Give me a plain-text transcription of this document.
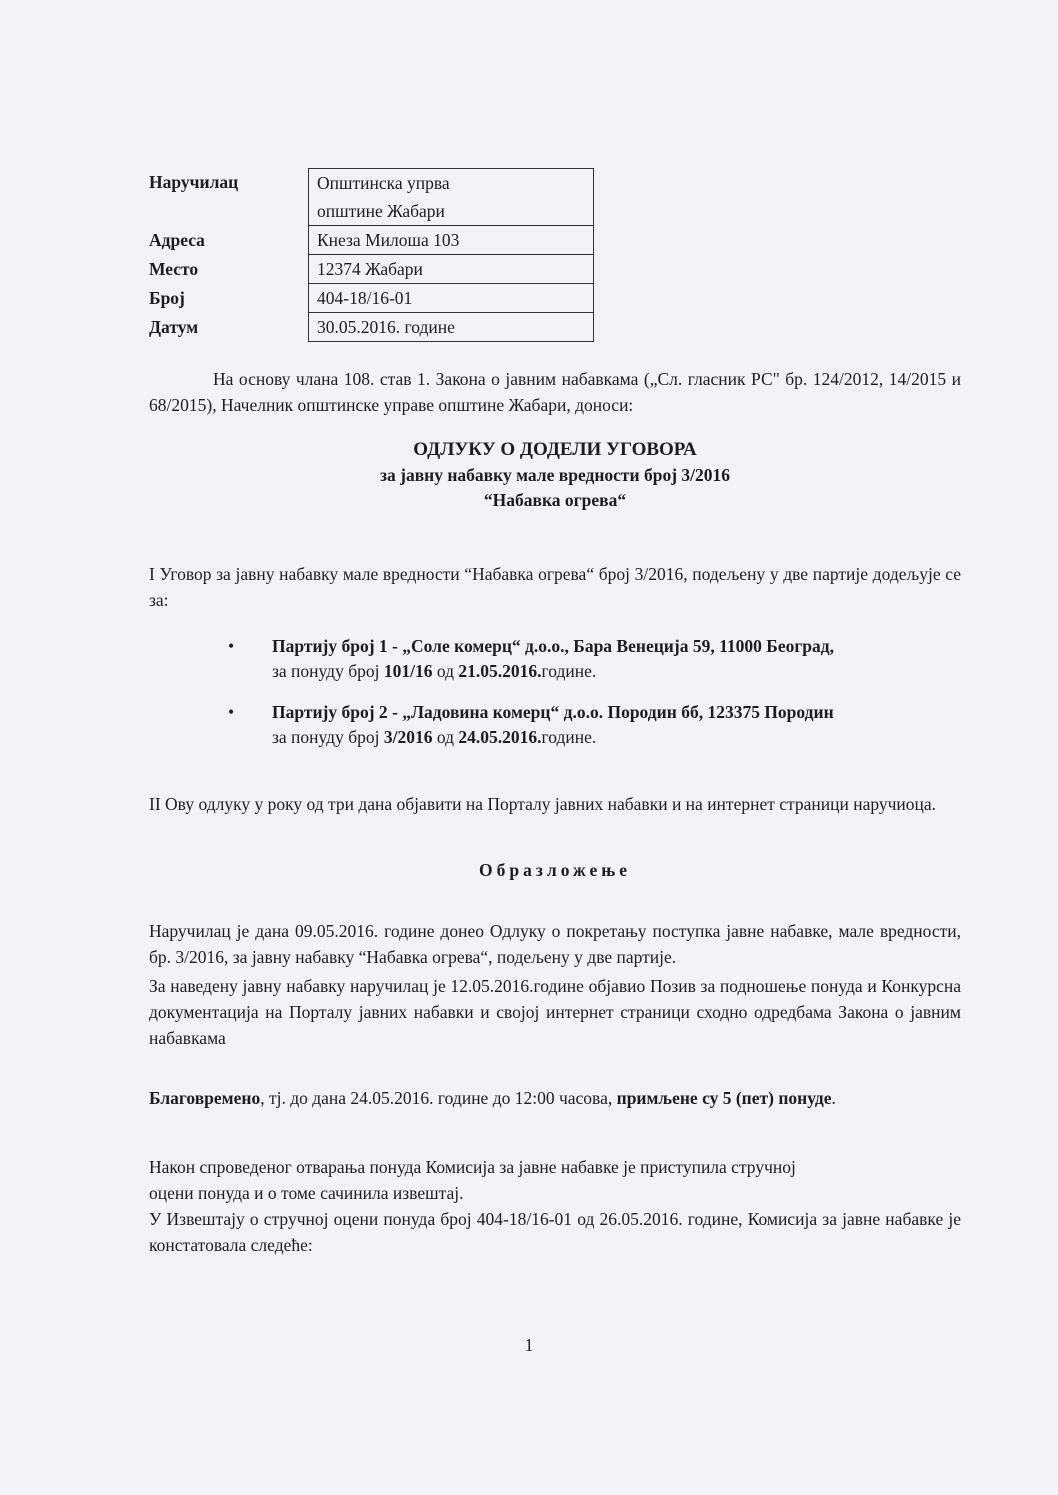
Наручилац	Општинска упрва
општине Жабари
Адреса	Кнеза Милоша 103
Место	12374 Жабари
Број	404-18/16-01
Датум	30.05.2016. године
На основу члана 108. став 1. Закона о јавним набавкама („Сл. гласник РС" бр. 124/2012, 14/2015 и 68/2015), Начелник општинске управе општине Жабари, доноси:
ОДЛУКУ О ДОДЕЛИ УГОВОРА
за јавну набавку мале вредности број 3/2016
“Набавка огрева“
I Уговор за јавну набавку мале вредности “Набавка огрева“ број 3/2016, подељену у две партије додељује се за:
• Партију број 1 - „Соле комерц“ д.о.о., Бара Венеција 59, 11000 Београд,
за понуду број 101/16 од 21.05.2016.године.
• Партију број 2 - „Ладовина комерц“ д.о.о. Породин бб, 123375 Породин
за понуду број 3/2016 од 24.05.2016.године.
II Ову одлуку у року од три дана објавити на Порталу јавних набавки и на интернет страници наручиоца.
Образложење
Наручилац је дана 09.05.2016. године донео Одлуку о покретању поступка јавне набавке, мале вредности, бр. 3/2016, за јавну набавку “Набавка огрева“, подељену у две партије.
За наведену јавну набавку наручилац је 12.05.2016.године објавио Позив за подношење понуда и Конкурсна документација на Порталу јавних набавки и својој интернет страници сходно одредбама Закона о јавним набавкама
Благовремено, тј. до дана 24.05.2016. године до 12:00 часова, примљене су 5 (пет) понуде.
Након спроведеног отварања понуда Комисија за јавне набавке је приступила стручној
оцени понуда и о томе сачинила извештај.
У Извештају о стручној оцени понуда број 404-18/16-01 од 26.05.2016. године, Комисија за јавне набавке је констатовала следеће:
1
